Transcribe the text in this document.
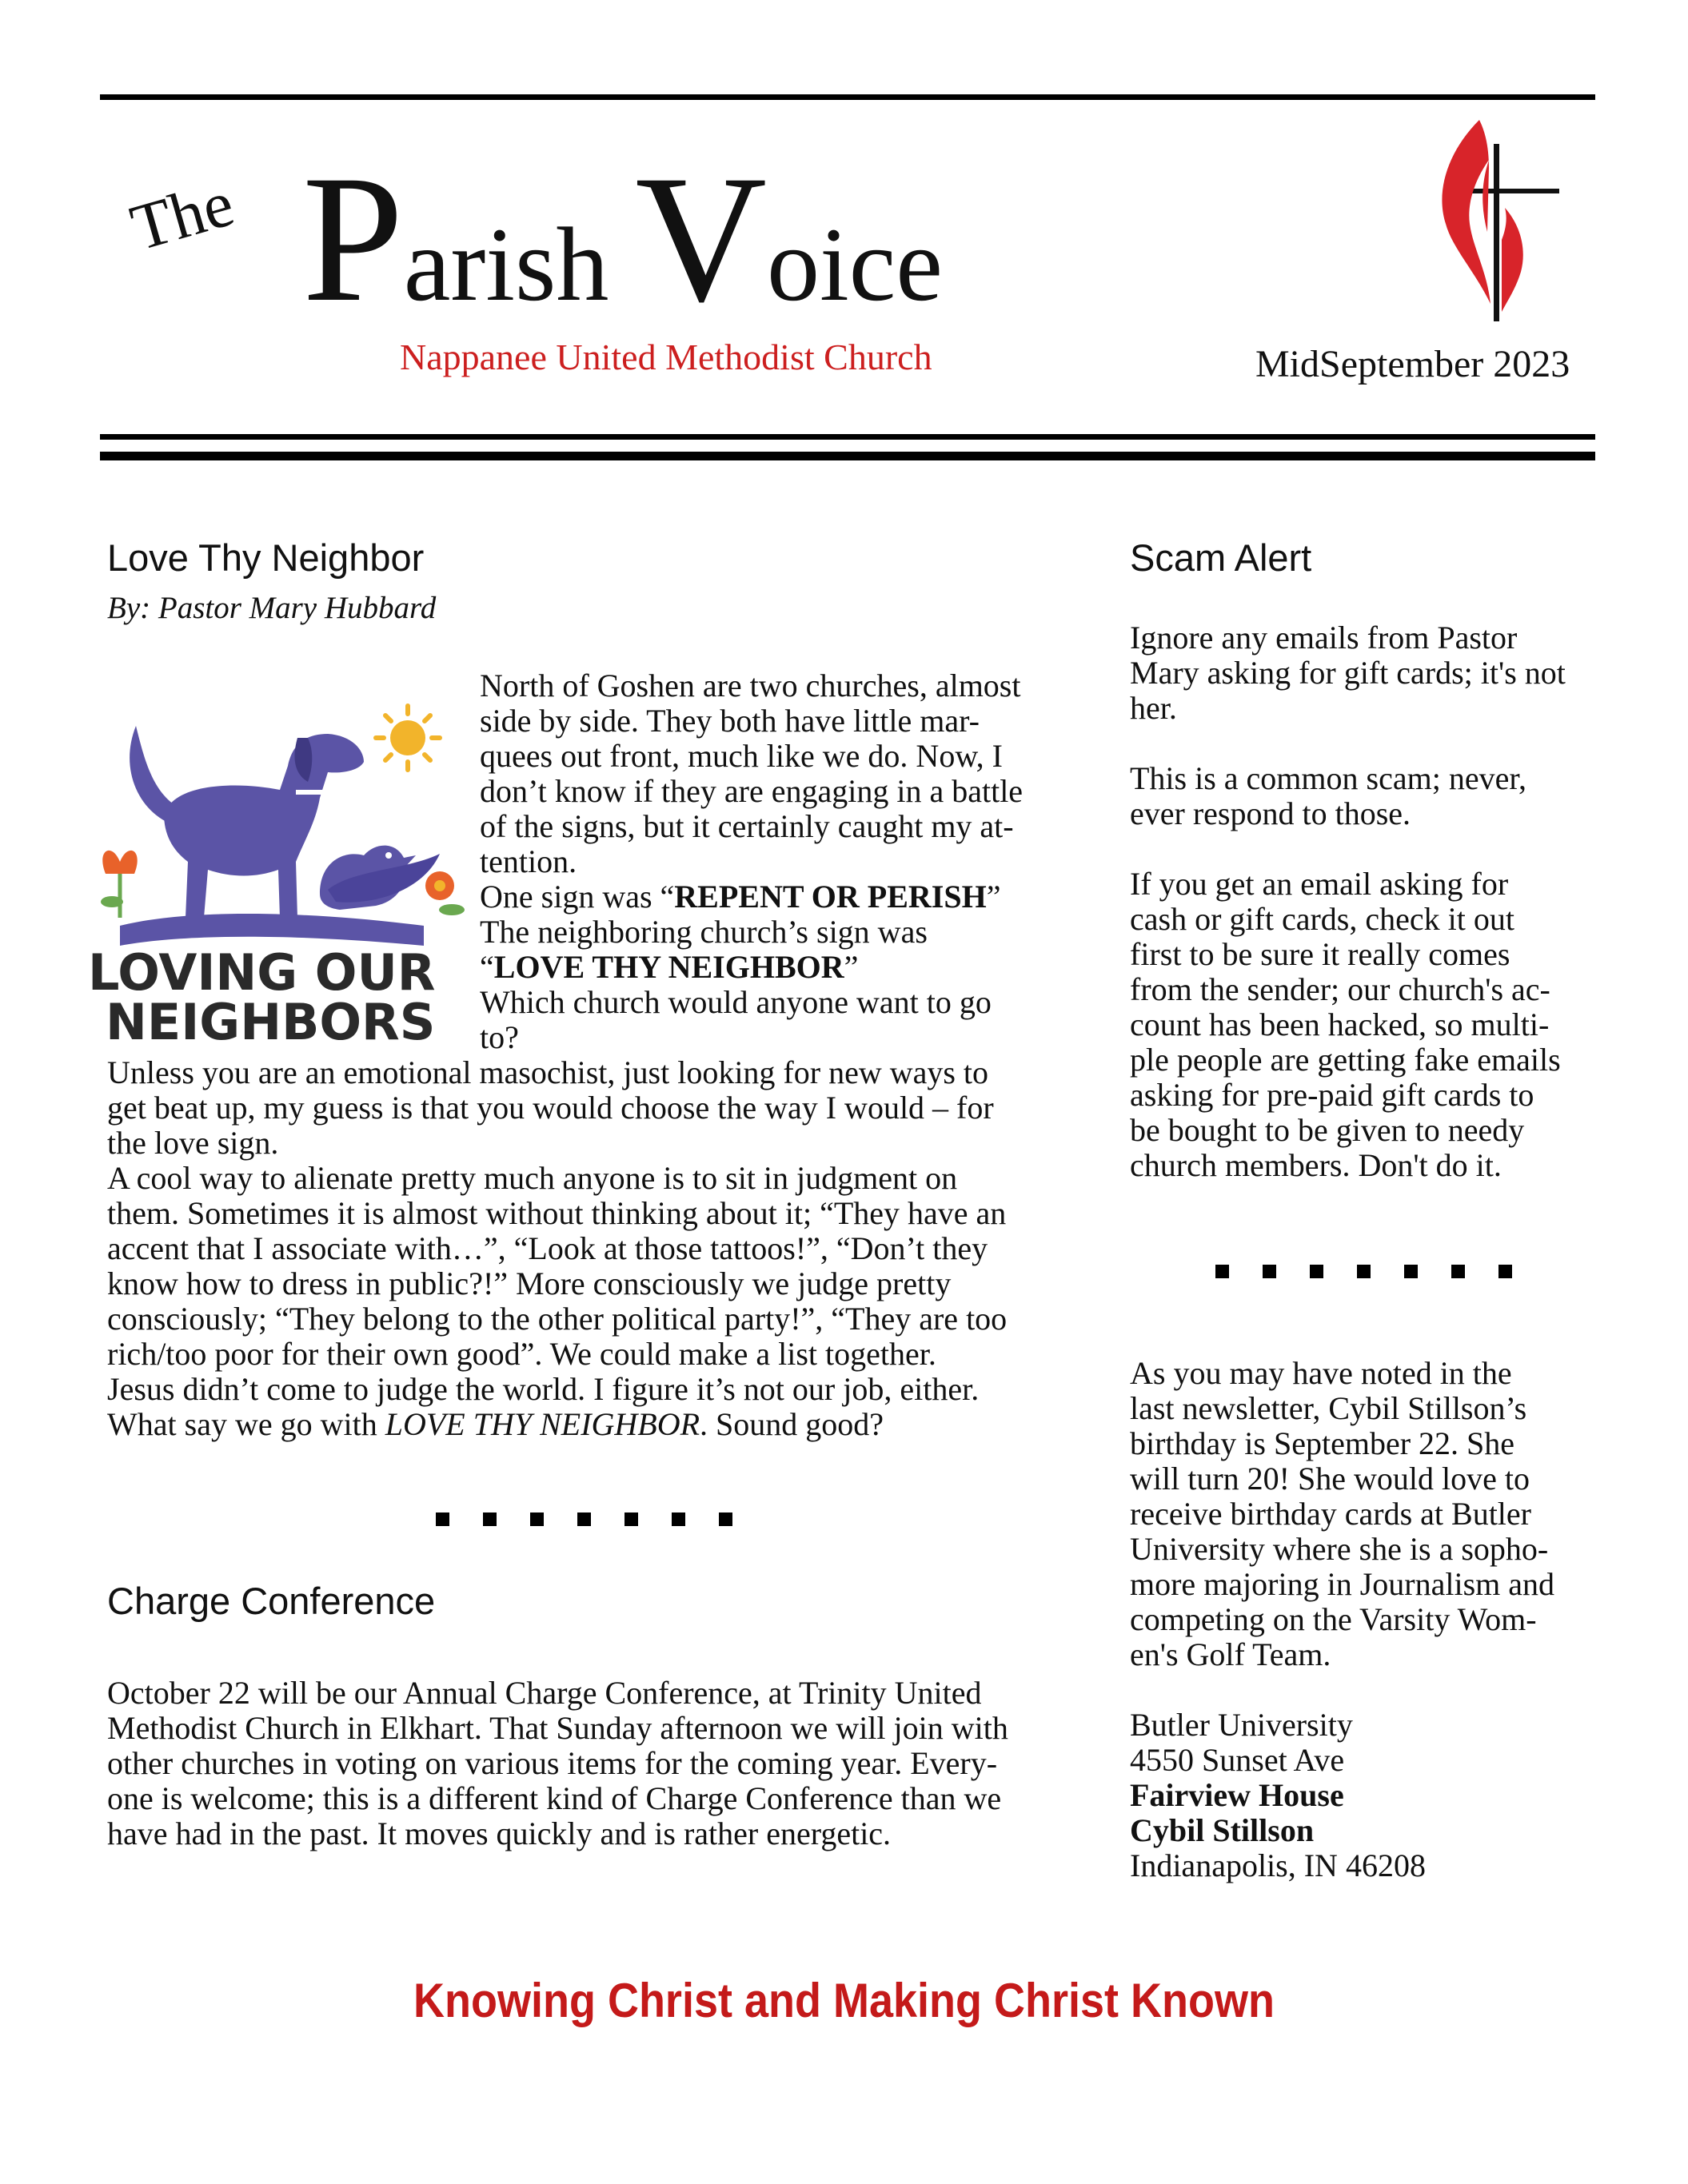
The Parish Voice
Nappanee United Methodist Church	MidSeptember 2023
Love Thy Neighbor
By: Pastor Mary Hubbard
LOVING OUR
NEIGHBORS
North of Goshen are two churches, almost
side by side. They both have little mar-
quees out front, much like we do. Now, I
don’t know if they are engaging in a battle
of the signs, but it certainly caught my at-
tention.
One sign was “REPENT OR PERISH”
The neighboring church’s sign was
“LOVE THY NEIGHBOR”
Which church would anyone want to go
to?
Unless you are an emotional masochist, just looking for new ways to
get beat up, my guess is that you would choose the way I would – for
the love sign.
A cool way to alienate pretty much anyone is to sit in judgment on
them. Sometimes it is almost without thinking about it; “They have an
accent that I associate with…”, “Look at those tattoos!”, “Don’t they
know how to dress in public?!” More consciously we judge pretty
consciously; “They belong to the other political party!”, “They are too
rich/too poor for their own good”. We could make a list together.
Jesus didn’t come to judge the world. I figure it’s not our job, either.
What say we go with LOVE THY NEIGHBOR. Sound good?
Charge Conference
October 22 will be our Annual Charge Conference, at Trinity United
Methodist Church in Elkhart. That Sunday afternoon we will join with
other churches in voting on various items for the coming year. Every-
one is welcome; this is a different kind of Charge Conference than we
have had in the past. It moves quickly and is rather energetic.
Scam Alert
Ignore any emails from Pastor
Mary asking for gift cards; it's not
her.

This is a common scam; never,
ever respond to those.

If you get an email asking for
cash or gift cards, check it out
first to be sure it really comes
from the sender; our church's ac-
count has been hacked, so multi-
ple people are getting fake emails
asking for pre-paid gift cards to
be bought to be given to needy
church members. Don't do it.
As you may have noted in the
last newsletter, Cybil Stillson’s
birthday is September 22. She
will turn 20! She would love to
receive birthday cards at Butler
University where she is a sopho-
more majoring in Journalism and
competing on the Varsity Wom-
en's Golf Team.

Butler University
4550 Sunset Ave
Fairview House
Cybil Stillson
Indianapolis, IN 46208
Knowing Christ and Making Christ Known
